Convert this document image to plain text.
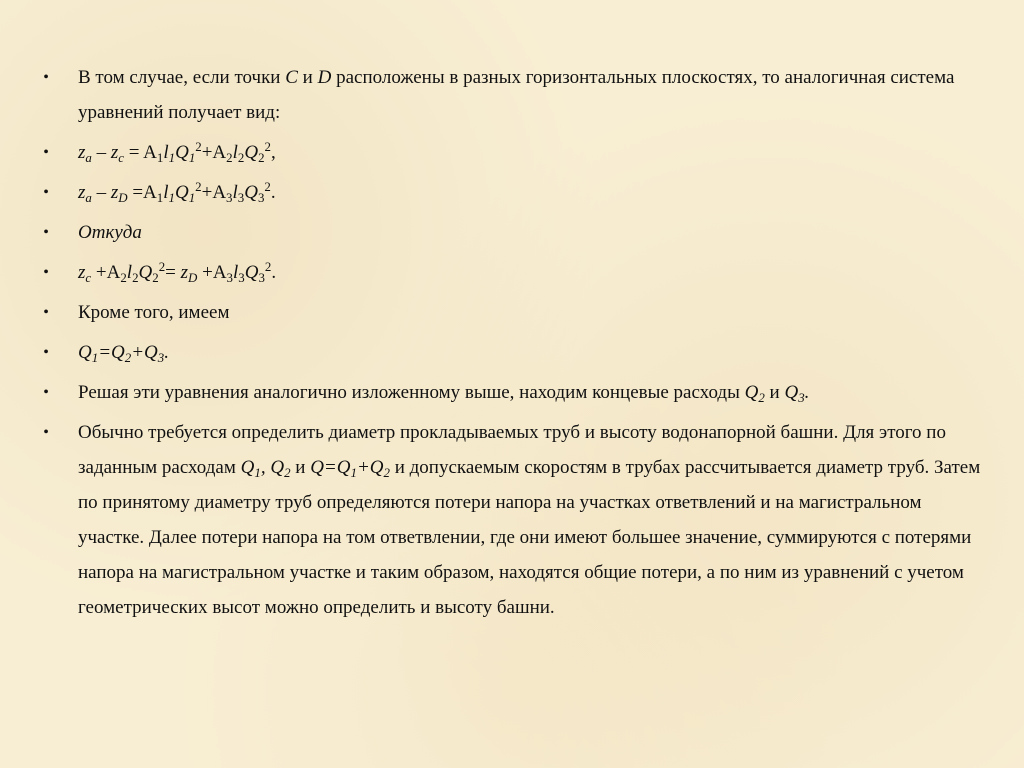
•	В том случае, если точки C и D расположены в разных горизонтальных плоскостях, то аналогичная система уравнений получает вид:
•	$z_a - z_c = A_1l_1Q_1^2+A_2l_2Q_2^2$,
•	$z_a - z_D =A_1l_1Q_1^2+A_3l_3Q_3^2$.
•	Откуда
•	$z_c +A_2l_2Q_2^2= z_D +A_3l_3Q_3^2$.
•	Кроме того, имеем
•	$Q_1=Q_2+Q_3$.
•	Решая эти уравнения аналогично изложенному выше, находим концевые расходы $Q_2$ и $Q_3$.
•	Обычно требуется определить диаметр прокладываемых труб и высоту водонапорной башни. Для этого по заданным расходам $Q_1$, $Q_2$ и $Q=Q_1+Q_2$ и допускаемым скоростям в трубах рассчитывается диаметр труб. Затем по принятому диаметру труб определяются потери напора на участках ответвлений и на магистральном участке. Далее потери напора на том ответвлении, где они имеют большее значение, суммируются с потерями напора на магистральном участке и таким образом, находятся общие потери, а по ним из уравнений с учетом геометрических высот можно определить и высоту башни.
